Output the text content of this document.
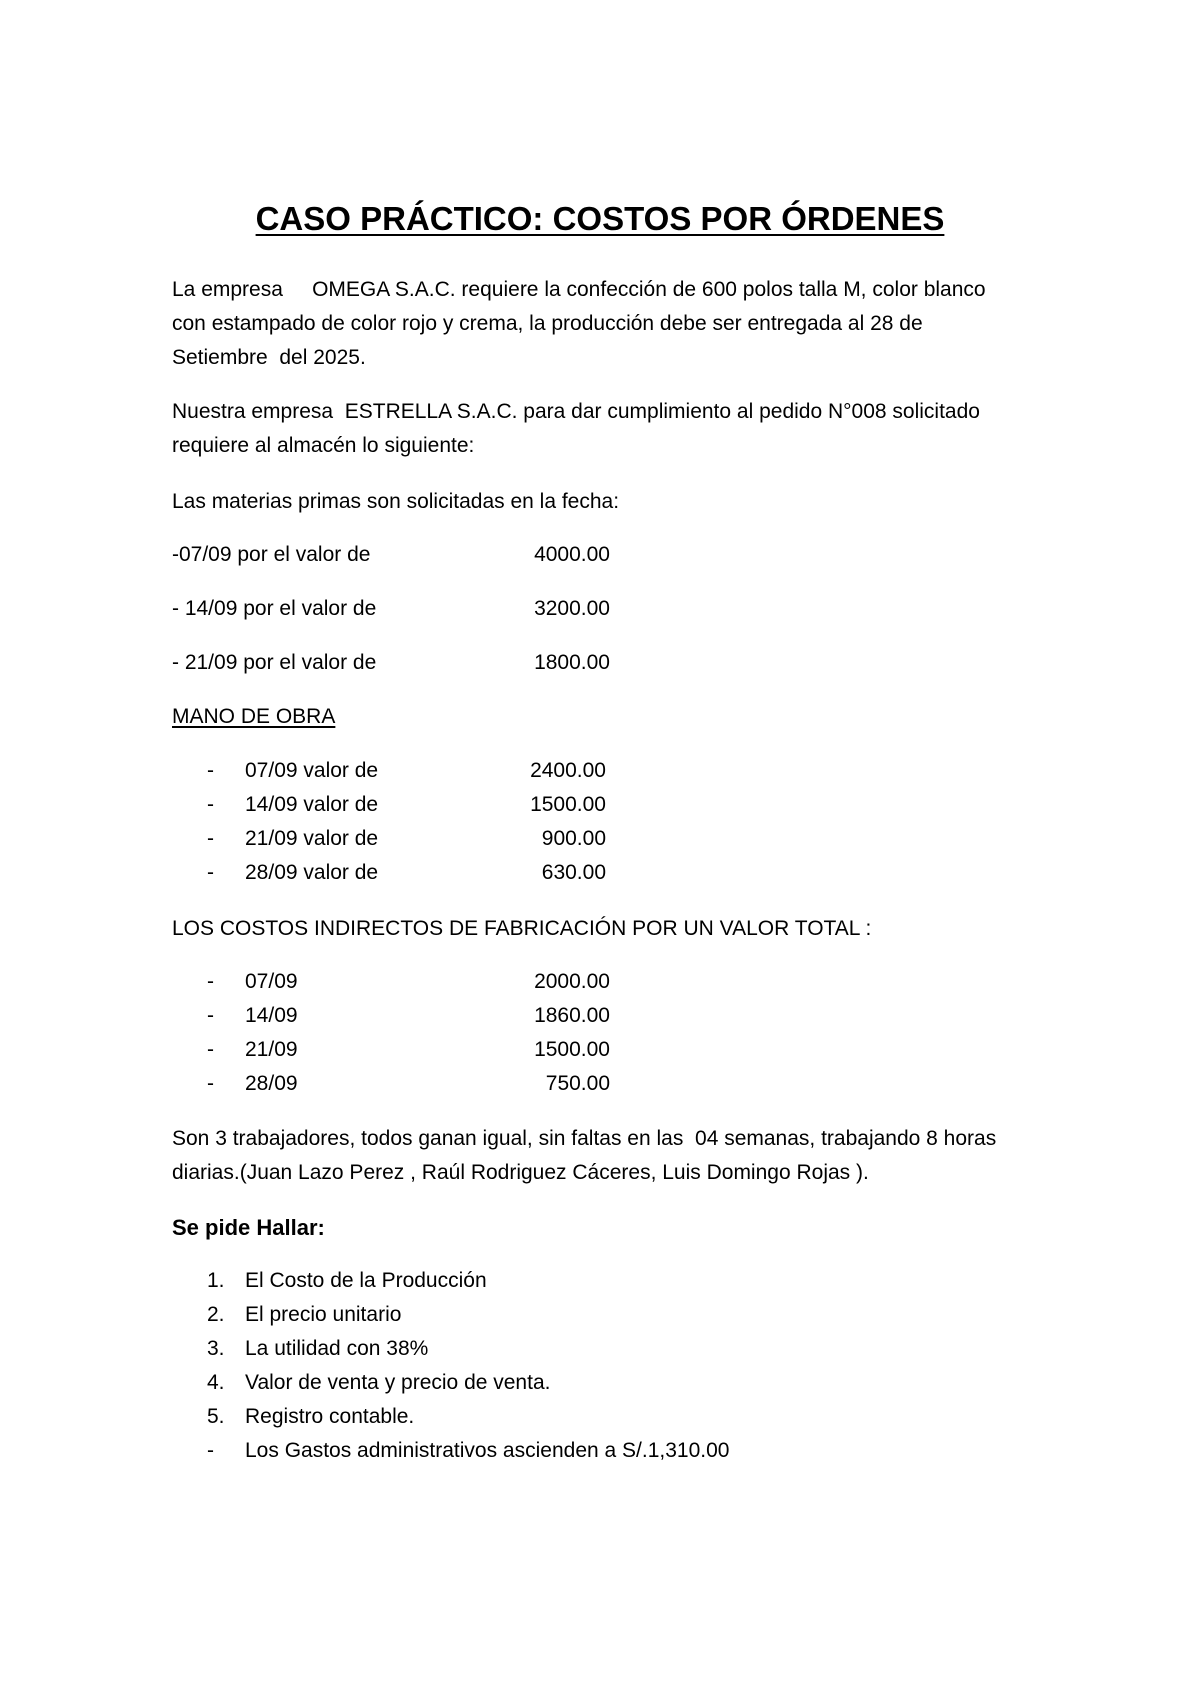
CASO PRÁCTICO: COSTOS POR ÓRDENES
La empresa     OMEGA S.A.C. requiere la confección de 600 polos talla M, color blanco
con estampado de color rojo y crema, la producción debe ser entregada al 28 de
Setiembre  del 2025.
Nuestra empresa  ESTRELLA S.A.C. para dar cumplimiento al pedido N°008 solicitado
requiere al almacén lo siguiente:
Las materias primas son solicitadas en la fecha:
-07/09 por el valor de	4000.00
- 14/09 por el valor de	3200.00
- 21/09 por el valor de	1800.00
MANO DE OBRA
- 07/09 valor de	2400.00
- 14/09 valor de	1500.00
- 21/09 valor de	900.00
- 28/09 valor de	630.00
LOS COSTOS INDIRECTOS DE FABRICACIÓN POR UN VALOR TOTAL :
- 07/09	2000.00
- 14/09	1860.00
- 21/09	1500.00
- 28/09	750.00
Son 3 trabajadores, todos ganan igual, sin faltas en las  04 semanas, trabajando 8 horas
diarias.(Juan Lazo Perez , Raúl Rodriguez Cáceres, Luis Domingo Rojas ).
Se pide Hallar:
1. El Costo de la Producción
2. El precio unitario
3. La utilidad con 38%
4. Valor de venta y precio de venta.
5. Registro contable.
- Los Gastos administrativos ascienden a S/.1,310.00
